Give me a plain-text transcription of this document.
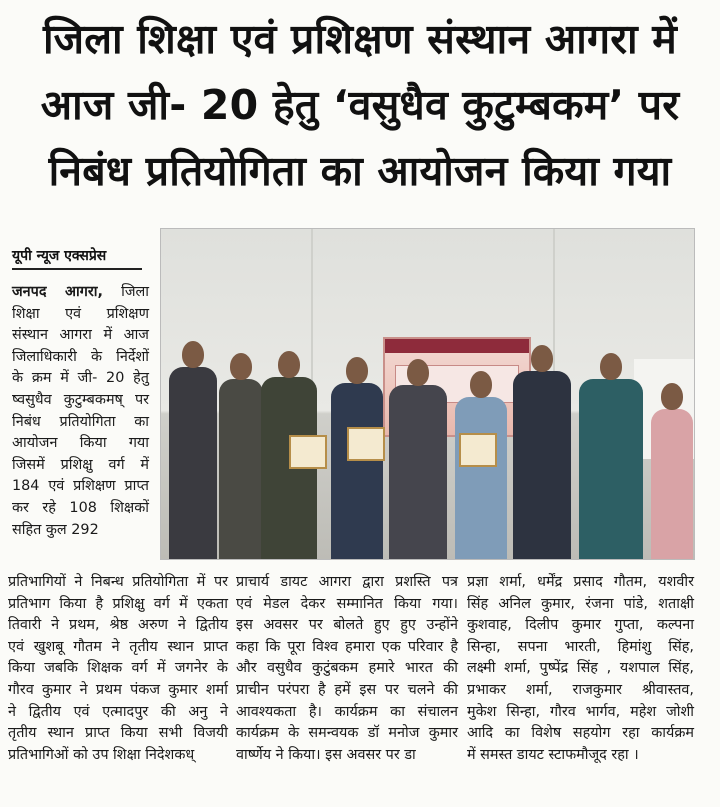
जिला शिक्षा एवं प्रशिक्षण संस्थान आगरा में
आज जी- 20 हेतु ‘वसुधैव कुटुम्बकम’ पर
निबंध प्रतियोगिता का आयोजन किया गया
यूपी न्यूज एक्सप्रेस
जनपद आगरा, जिला
शिक्षा एवं प्रशिक्षण
संस्थान आगरा में आज
जिलाधिकारी के निर्देशों
के क्रम में जी- 20 हेतु
ष्वसुधैव कुटुम्बकमष् पर
निबंध प्रतियोगिता का
आयोजन किया गया
जिसमें प्रशिक्षु वर्ग में
184 एवं प्रशिक्षण प्राप्त
कर रहे 108 शिक्षकों
सहित कुल 292
प्रतिभागियों ने निबन्ध प्रतियोगिता में पर
प्रतिभाग किया है प्रशिक्षु वर्ग में एकता
तिवारी ने प्रथम, श्रेष्ठ अरुण ने द्वितीय
एवं खुशबू गौतम ने तृतीय स्थान प्राप्त
किया जबकि शिक्षक वर्ग में जगनेर के
गौरव कुमार ने प्रथम पंकज कुमार शर्मा
ने द्वितीय एवं एत्मादपुर की अनु ने
तृतीय स्थान प्राप्त किया सभी विजयी
प्रतिभागिओं को उप शिक्षा निदेशकध्
प्राचार्य डायट आगरा द्वारा प्रशस्ति पत्र
एवं मेडल देकर सम्मानित किया गया।
इस अवसर पर बोलते हुए हुए उन्होंने
कहा कि पूरा विश्व हमारा एक परिवार है
और वसुधैव कुटुंबकम हमारे भारत की
प्राचीन परंपरा है हमें इस पर चलने की
आवश्यकता है। कार्यक्रम का संचालन
कार्यक्रम के समन्वयक डॉ मनोज कुमार
वार्ष्णेय ने किया। इस अवसर पर डा
प्रज्ञा शर्मा, धर्मेंद्र प्रसाद गौतम, यशवीर
सिंह अनिल कुमार, रंजना पांडे, शताक्षी
कुशवाह, दिलीप कुमार गुप्ता, कल्पना
सिन्हा, सपना भारती, हिमांशु सिंह,
लक्ष्मी शर्मा, पुष्पेंद्र सिंह , यशपाल सिंह,
प्रभाकर शर्मा, राजकुमार श्रीवास्तव,
मुकेश सिन्हा, गौरव भार्गव, महेश जोशी
आदि का विशेष सहयोग रहा कार्यक्रम
में समस्त डायट स्टाफमौजूद रहा ।
